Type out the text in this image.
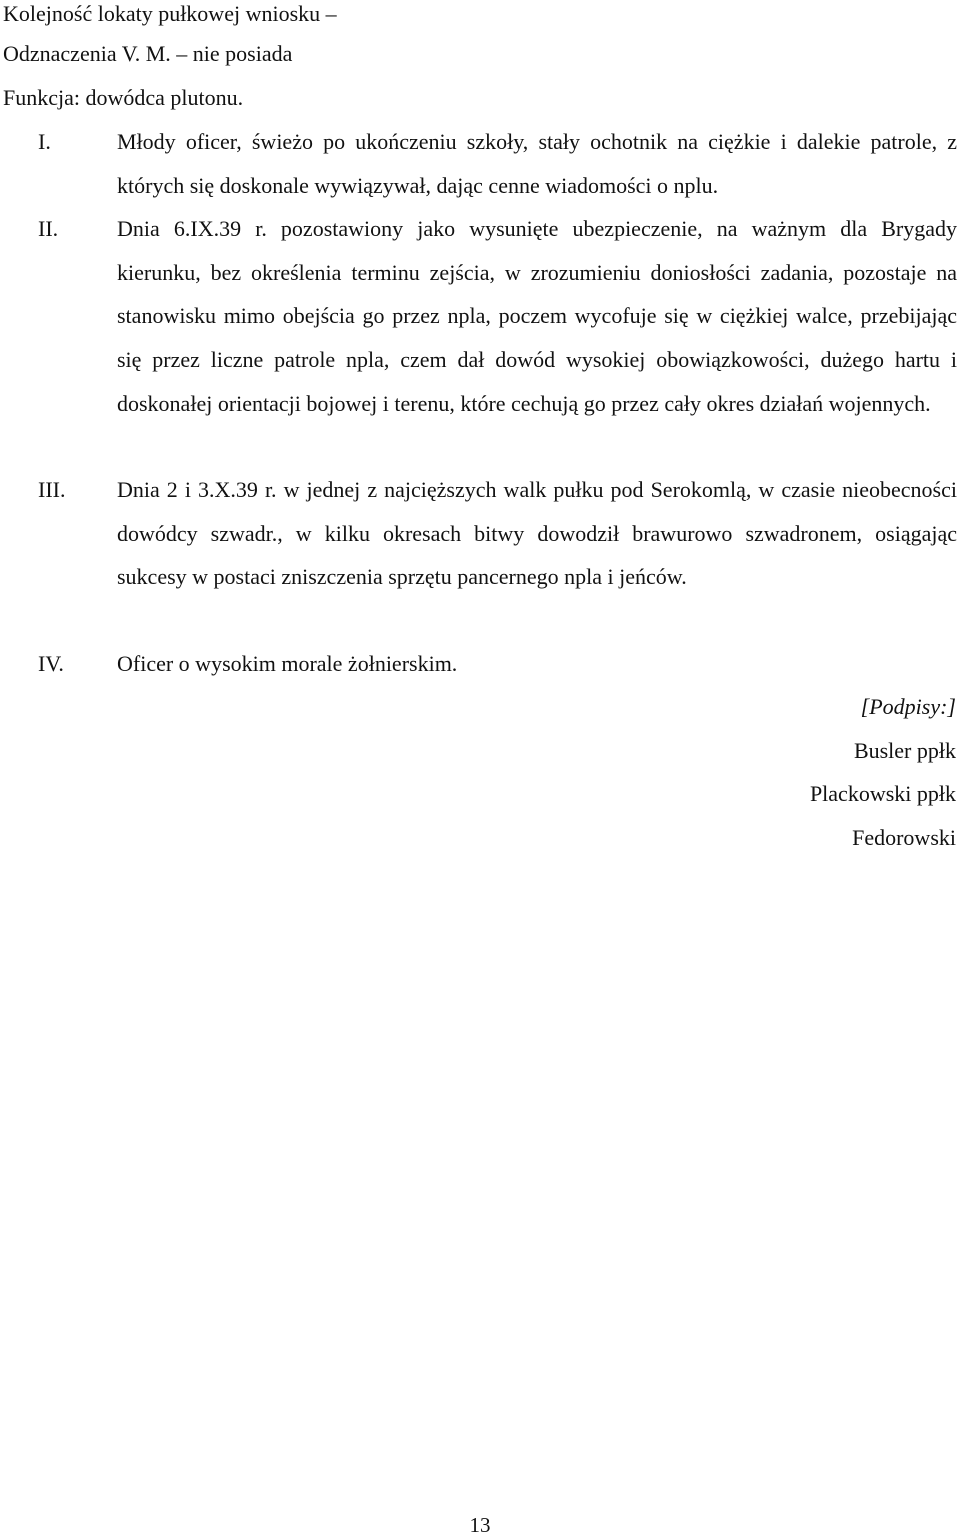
Kolejność lokaty pułkowej wniosku –
Odznaczenia V. M. – nie posiada
Funkcja: dowódca plutonu.
I.	Młody oficer, świeżo po ukończeniu szkoły, stały ochotnik na ciężkie i dalekie patrole, z których się doskonale wywiązywał, dając cenne wiadomości o nplu.

II.	Dnia 6.IX.39 r. pozostawiony jako wysunięte ubezpieczenie, na ważnym dla Brygady kierunku, bez określenia terminu zejścia, w zrozumieniu doniosłości zadania, pozostaje na stanowisku mimo obejścia go przez npla, poczem wycofuje się w ciężkiej walce, przebijając się przez liczne patrole npla, czem dał dowód wysokiej obowiązkowości, dużego hartu i doskonałej orientacji bojowej i terenu, które cechują go przez cały okres działań wojennych.

III. Dnia 2 i 3.X.39 r. w jednej z najcięższych walk pułku pod Serokomlą, w czasie nieobecności dowódcy szwadr., w kilku okresach bitwy dowodził brawurowo szwadronem, osiągając sukcesy w postaci zniszczenia sprzętu pancernego npla i jeńców.

IV. Oficer o wysokim morale żołnierskim.

[Podpisy:]
Busler ppłk
Plackowski ppłk
Fedorowski
13
